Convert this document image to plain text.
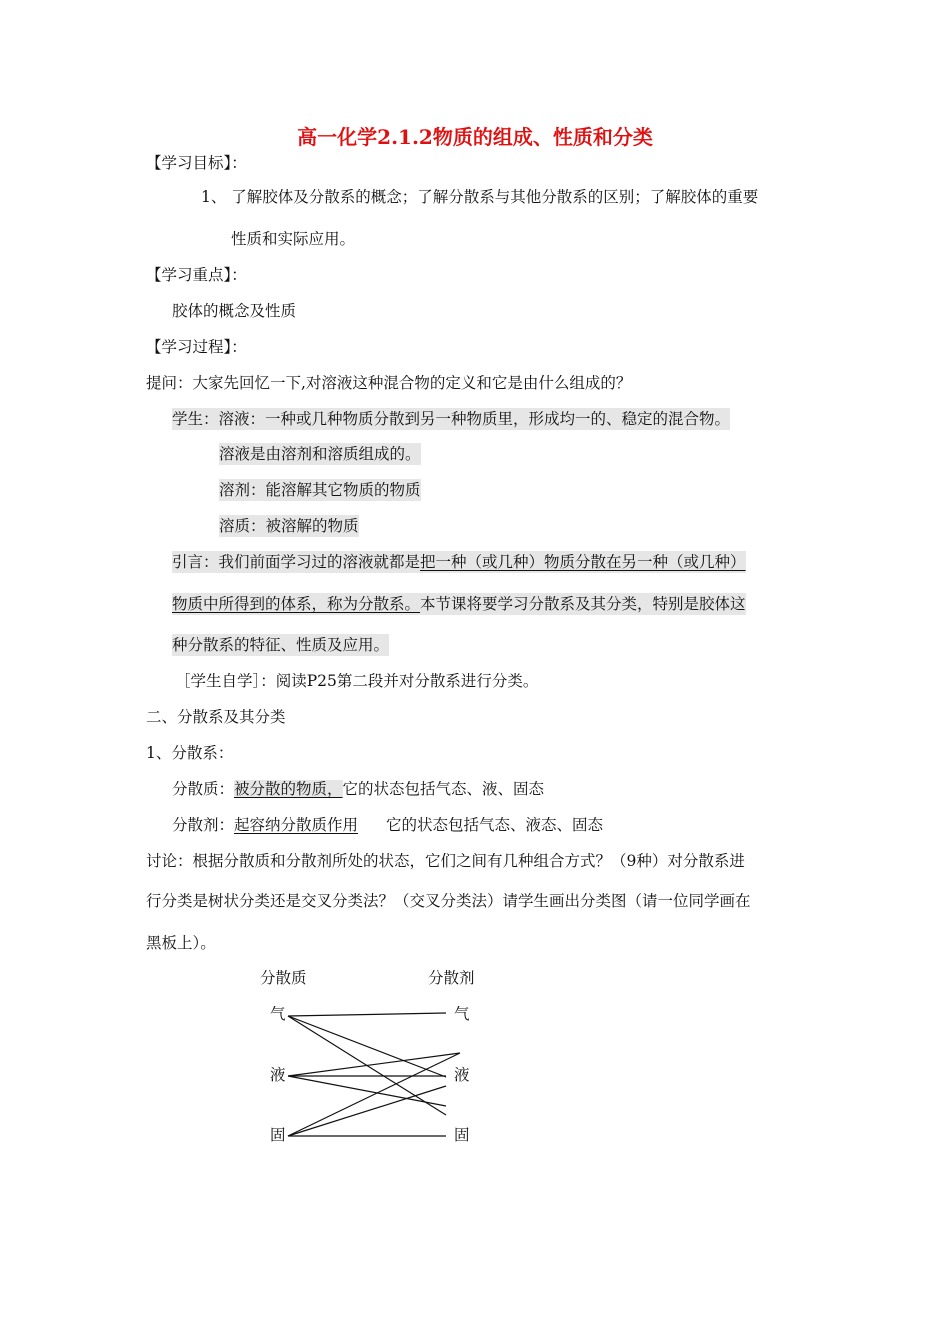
高一化学2.1.2物质的组成、性质和分类
【学习目标】：
1、 了解胶体及分散系的概念；了解分散系与其他分散系的区别；了解胶体的重要
性质和实际应用。
【学习重点】：
胶体的概念及性质
【学习过程】：
提问：大家先回忆一下,对溶液这种混合物的定义和它是由什么组成的？
学生：溶液：一种或几种物质分散到另一种物质里，形成均一的、稳定的混合物。
溶液是由溶剂和溶质组成的。
溶剂：能溶解其它物质的物质
溶质：被溶解的物质
引言：我们前面学习过的溶液就都是把一种（或几种）物质分散在另一种（或几种）
物质中所得到的体系，称为分散系。本节课将要学习分散系及其分类，特别是胶体这
种分散系的特征、性质及应用。
［学生自学］：阅读P25第二段并对分散系进行分类。
二、分散系及其分类
1、分散系：
分散质：被分散的物质，它的状态包括气态、液、固态
分散剂：起容纳分散质作用 它的状态包括气态、液态、固态
讨论：根据分散质和分散剂所处的状态，它们之间有几种组合方式？（9种）对分散系进
行分类是树状分类还是交叉分类法？（交叉分类法）请学生画出分类图（请一位同学画在
黑板上）。
分散质	分散剂
气
液
固
气
液
固
